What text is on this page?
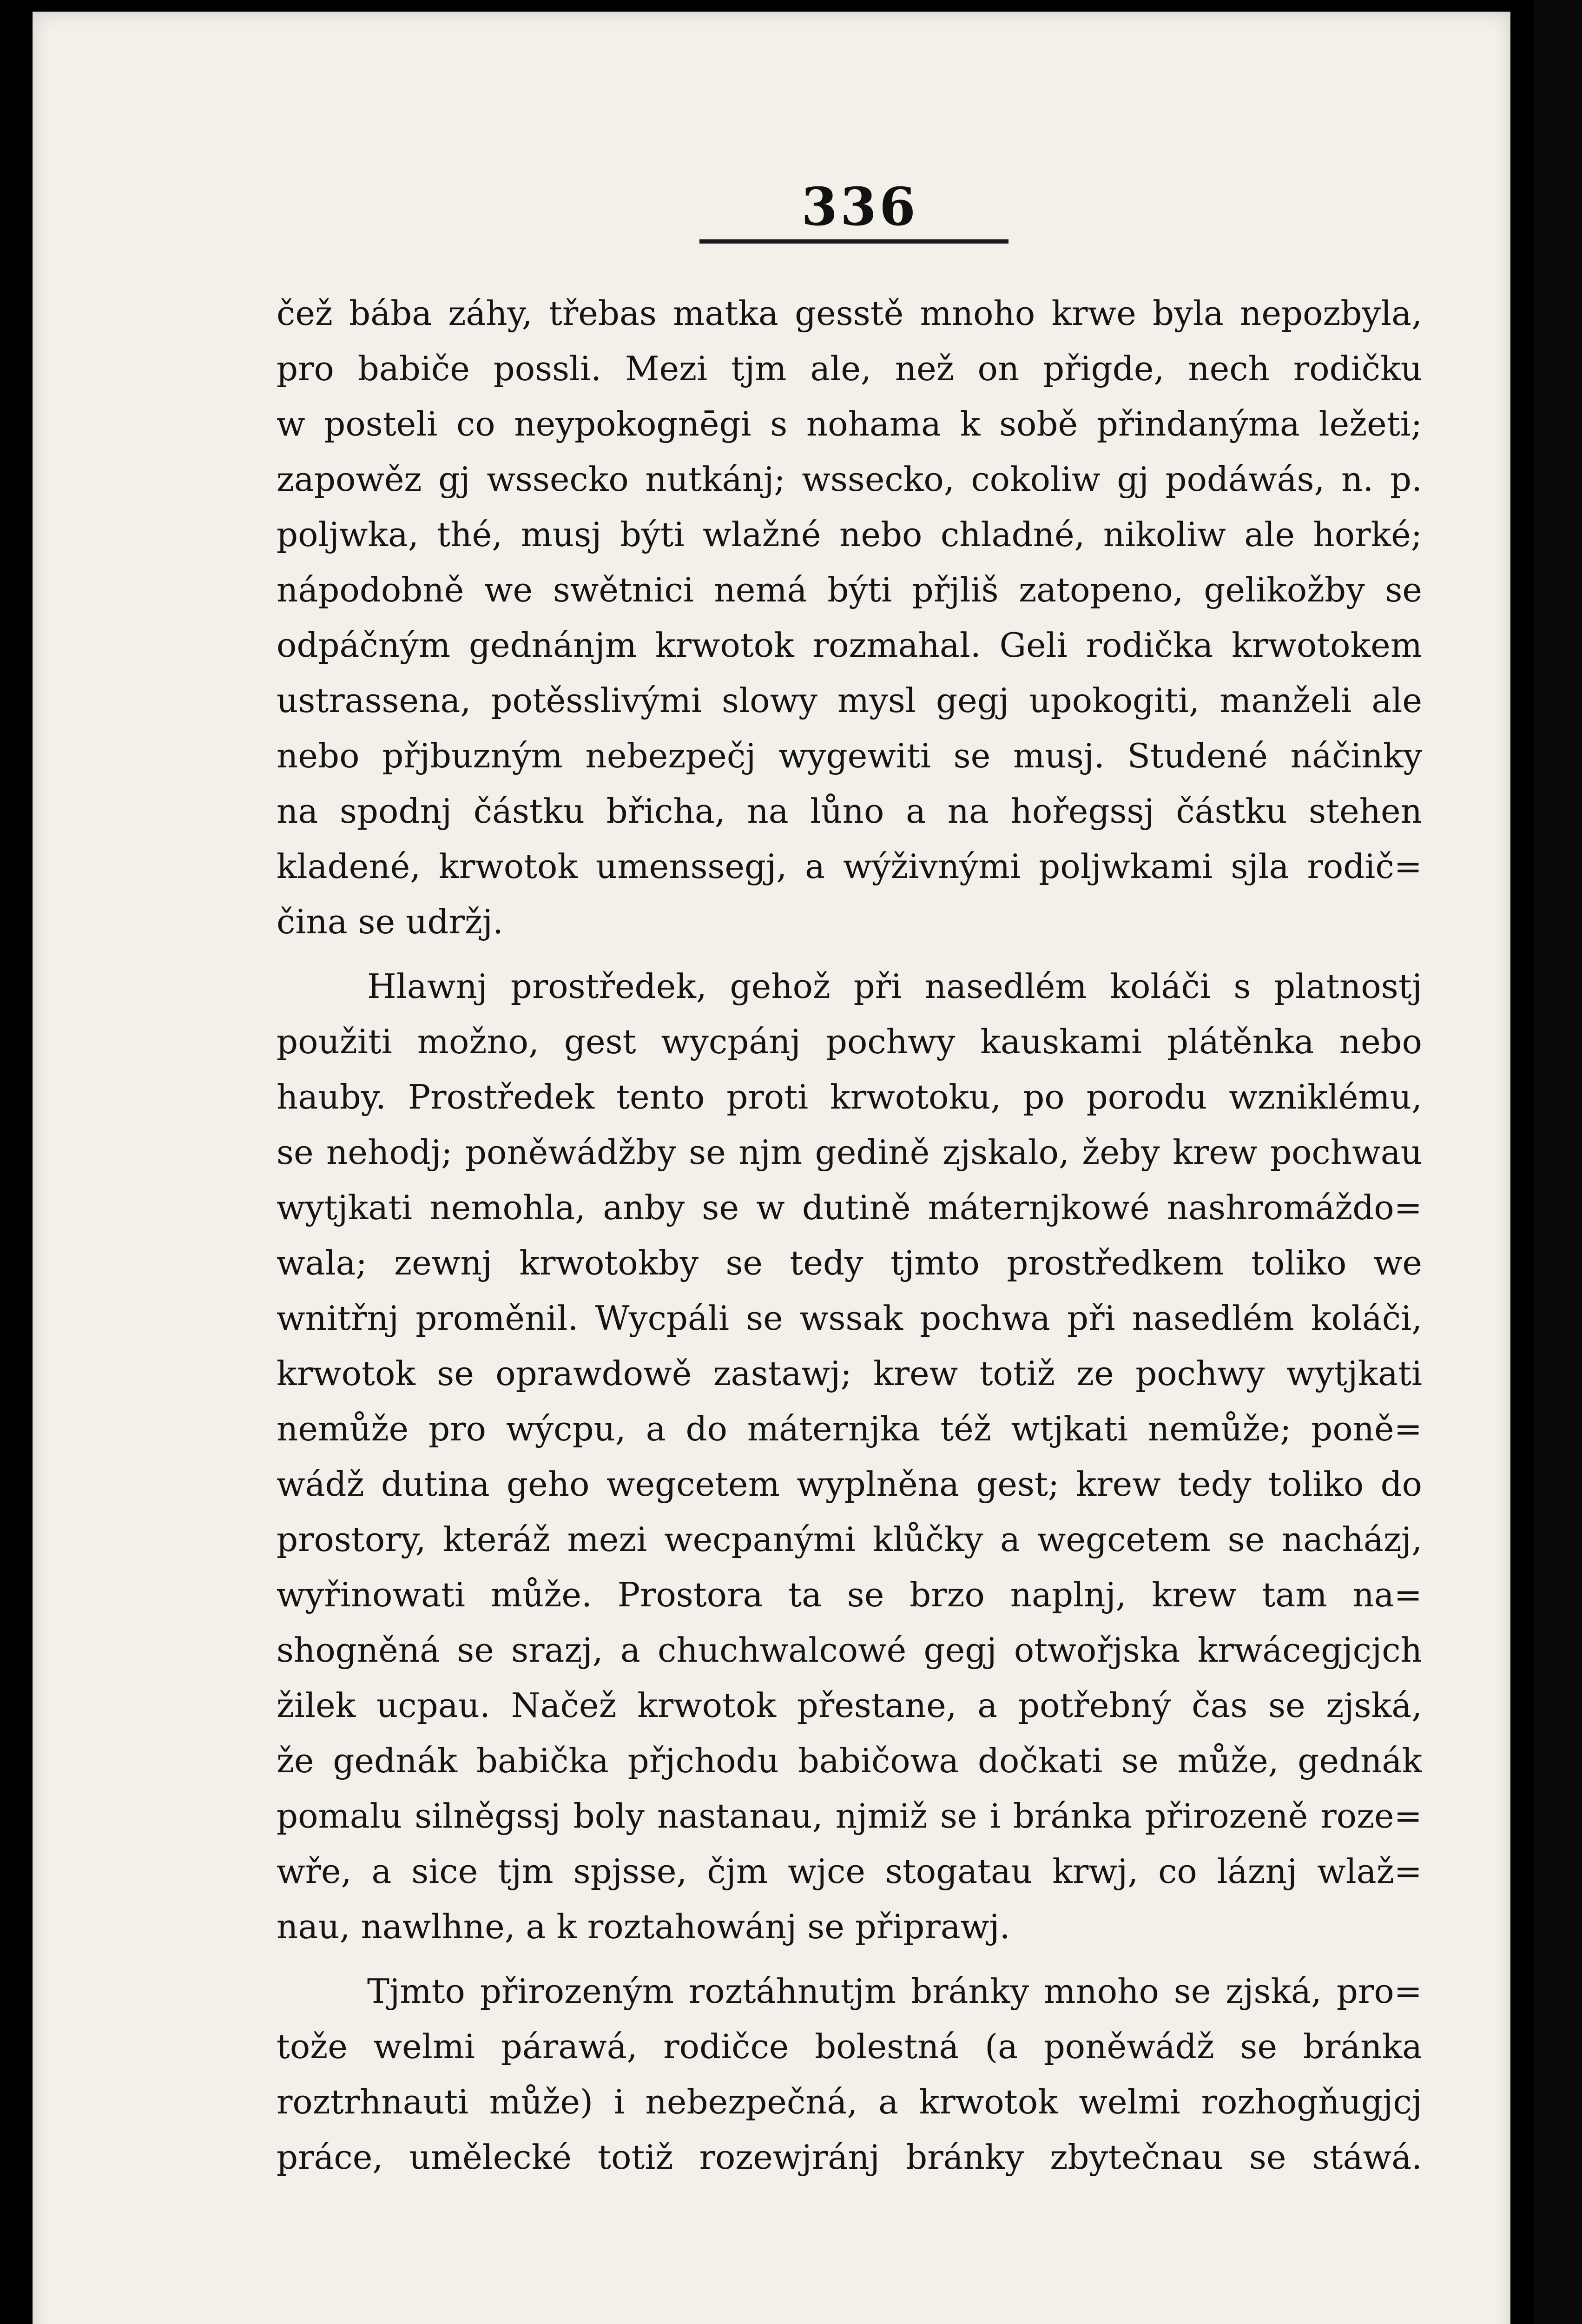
336
čež bába záhy, třebas matka gesstě mnoho krwe byla nepozbyla,
pro babiče possli. Mezi tjm ale, než on přigde, nech rodičku
w posteli co neypokognēgi s nohama k sobě přindanýma ležeti;
zapowěz gj wssecko nutkánj; wssecko, cokoliw gj podáwás, n. p.
poljwka, thé, musj býti wlažné nebo chladné, nikoliw ale horké;
nápodobně we swětnici nemá býti přjliš zatopeno, gelikožby se
odpáčným gednánjm krwotok rozmahal. Geli rodička krwotokem
ustrassena, potěsslivými slowy mysl gegj upokogiti, manželi ale
nebo přjbuzným nebezpečj wygewiti se musj. Studené náčinky
na spodnj částku břicha, na lůno a na hořegssj částku stehen
kladené, krwotok umenssegj, a wýživnými poljwkami sjla rodič=
čina se udržj.
Hlawnj prostředek, gehož při nasedlém koláči s platnostj
použiti možno, gest wycpánj pochwy kauskami plátěnka nebo
hauby. Prostředek tento proti krwotoku, po porodu wzniklému,
se nehodj; poněwádžby se njm gedině zjskalo, žeby krew pochwau
wytjkati nemohla, anby se w dutině máternjkowé nashromáždo=
wala; zewnj krwotokby se tedy tjmto prostředkem toliko we
wnitřnj proměnil. Wycpáli se wssak pochwa při nasedlém koláči,
krwotok se oprawdowě zastawj; krew totiž ze pochwy wytjkati
nemůže pro wýcpu, a do máternjka též wtjkati nemůže; poně=
wádž dutina geho wegcetem wyplněna gest; krew tedy toliko do
prostory, kteráž mezi wecpanými klůčky a wegcetem se nacházj,
wyřinowati může. Prostora ta se brzo naplnj, krew tam na=
shogněná se srazj, a chuchwalcowé gegj otwořjska krwácegjcjch
žilek ucpau. Načež krwotok přestane, a potřebný čas se zjská,
že gednák babička přjchodu babičowa dočkati se může, gednák
pomalu silněgssj boly nastanau, njmiž se i bránka přirozeně roze=
wře, a sice tjm spjsse, čjm wjce stogatau krwj, co láznj wlaž=
nau, nawlhne, a k roztahowánj se připrawj.
Tjmto přirozeným roztáhnutjm bránky mnoho se zjská, pro=
tože welmi párawá, rodičce bolestná (a poněwádž se bránka
roztrhnauti může) i nebezpečná, a krwotok welmi rozhogňugjcj
práce, umělecké totiž rozewjránj bránky zbytečnau se stáwá.
